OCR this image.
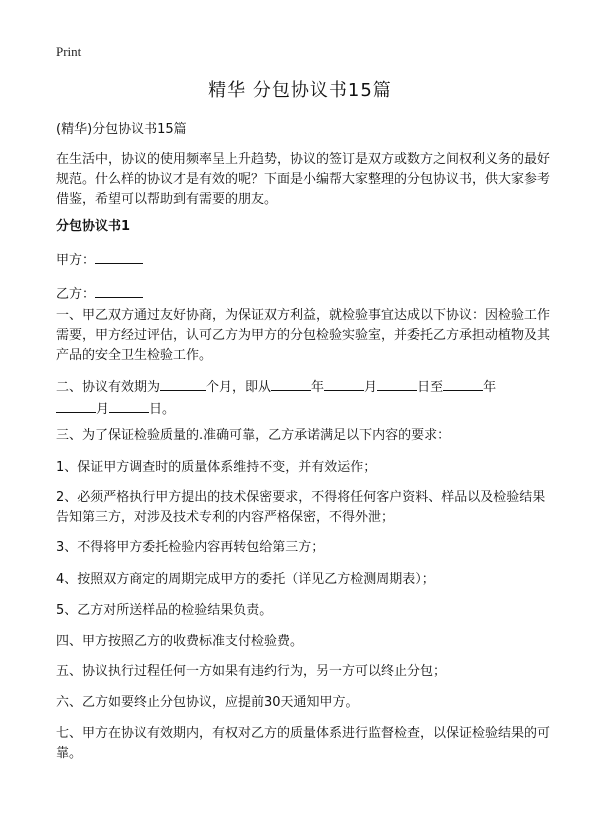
Print
精华 分包协议书15篇
(精华)分包协议书15篇
在生活中，协议的使用频率呈上升趋势，协议的签订是双方或数方之间权利义务的最好规范。什么样的协议才是有效的呢？下面是小编帮大家整理的分包协议书，供大家参考借鉴，希望可以帮助到有需要的朋友。
分包协议书1
甲方：
乙方：
一、甲乙双方通过友好协商，为保证双方利益，就检验事宜达成以下协议：因检验工作需要，甲方经过评估，认可乙方为甲方的分包检验实验室，并委托乙方承担动植物及其产品的安全卫生检验工作。
二、协议有效期为	个月，即从	年	月	日至	年
月	日。
三、为了保证检验质量的.准确可靠，乙方承诺满足以下内容的要求：
1、保证甲方调查时的质量体系维持不变，并有效运作；
2、必须严格执行甲方提出的技术保密要求，不得将任何客户资料、样品以及检验结果告知第三方，对涉及技术专利的内容严格保密，不得外泄；
3、不得将甲方委托检验内容再转包给第三方；
4、按照双方商定的周期完成甲方的委托（详见乙方检测周期表）；
5、乙方对所送样品的检验结果负责。
四、甲方按照乙方的收费标准支付检验费。
五、协议执行过程任何一方如果有违约行为，另一方可以终止分包；
六、乙方如要终止分包协议，应提前30天通知甲方。
七、甲方在协议有效期内，有权对乙方的质量体系进行监督检查，以保证检验结果的可靠。
